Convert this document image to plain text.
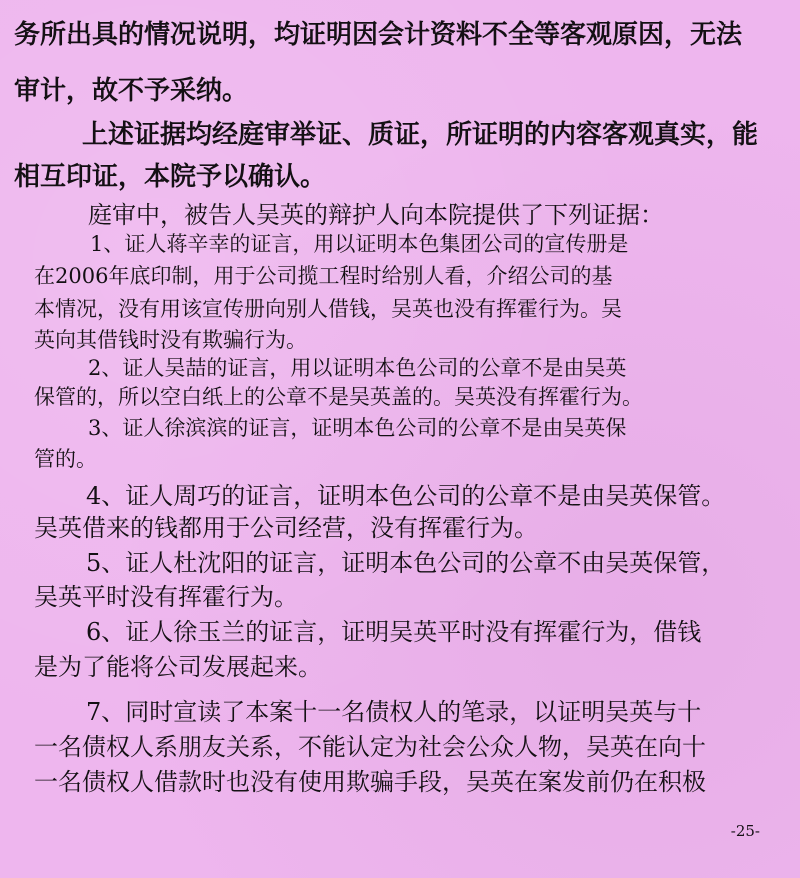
务所出具的情况说明，均证明因会计资料不全等客观原因，无法
审计，故不予采纳。
上述证据均经庭审举证、质证，所证明的内容客观真实，能
相互印证，本院予以确认。
庭审中，被告人吴英的辩护人向本院提供了下列证据：
1、证人蒋辛幸的证言，用以证明本色集团公司的宣传册是
在2006年底印制，用于公司揽工程时给别人看，介绍公司的基
本情况，没有用该宣传册向别人借钱，吴英也没有挥霍行为。吴
英向其借钱时没有欺骗行为。
2、证人吴喆的证言，用以证明本色公司的公章不是由吴英
保管的，所以空白纸上的公章不是吴英盖的。吴英没有挥霍行为。
3、证人徐滨滨的证言，证明本色公司的公章不是由吴英保
管的。
4、证人周巧的证言，证明本色公司的公章不是由吴英保管。
吴英借来的钱都用于公司经营，没有挥霍行为。
5、证人杜沈阳的证言，证明本色公司的公章不由吴英保管，
吴英平时没有挥霍行为。
6、证人徐玉兰的证言，证明吴英平时没有挥霍行为，借钱
是为了能将公司发展起来。
7、同时宣读了本案十一名债权人的笔录，以证明吴英与十
一名债权人系朋友关系，不能认定为社会公众人物，吴英在向十
一名债权人借款时也没有使用欺骗手段，吴英在案发前仍在积极
-25-
